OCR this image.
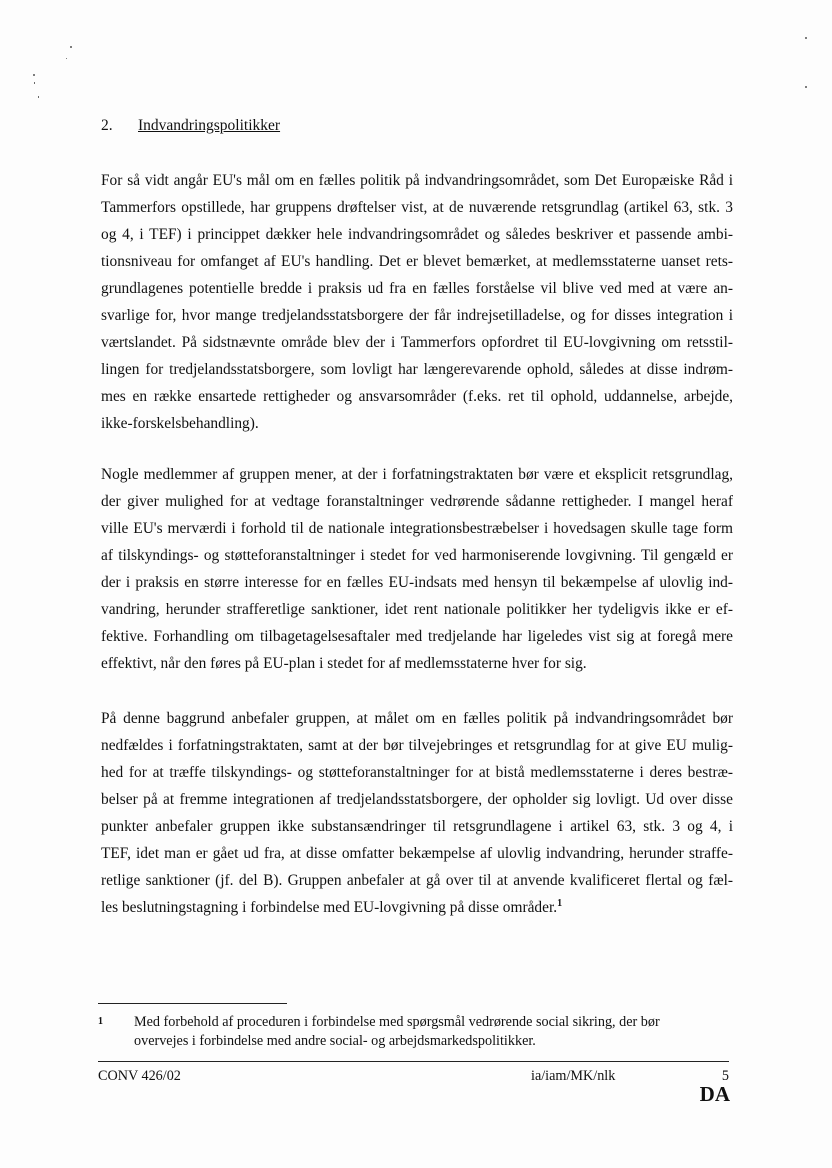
2. Indvandringspolitikker
For så vidt angår EU's mål om en fælles politik på indvandringsområdet, som Det Europæiske Råd i
Tammerfors opstillede, har gruppens drøftelser vist, at de nuværende retsgrundlag (artikel 63, stk. 3
og 4, i TEF) i princippet dækker hele indvandringsområdet og således beskriver et passende ambi-
tionsniveau for omfanget af EU's handling. Det er blevet bemærket, at medlemsstaterne uanset rets-
grundlagenes potentielle bredde i praksis ud fra en fælles forståelse vil blive ved med at være an-
svarlige for, hvor mange tredjelandsstatsborgere der får indrejsetilladelse, og for disses integration i
værtslandet. På sidstnævnte område blev der i Tammerfors opfordret til EU-lovgivning om retsstil-
lingen for tredjelandsstatsborgere, som lovligt har længerevarende ophold, således at disse indrøm-
mes en række ensartede rettigheder og ansvarsområder (f.eks. ret til ophold, uddannelse, arbejde,
ikke-forskelsbehandling).
Nogle medlemmer af gruppen mener, at der i forfatningstraktaten bør være et eksplicit retsgrundlag,
der giver mulighed for at vedtage foranstaltninger vedrørende sådanne rettigheder. I mangel heraf
ville EU's merværdi i forhold til de nationale integrationsbestræbelser i hovedsagen skulle tage form
af tilskyndings- og støtteforanstaltninger i stedet for ved harmoniserende lovgivning. Til gengæld er
der i praksis en større interesse for en fælles EU-indsats med hensyn til bekæmpelse af ulovlig ind-
vandring, herunder strafferetlige sanktioner, idet rent nationale politikker her tydeligvis ikke er ef-
fektive. Forhandling om tilbagetagelsesaftaler med tredjelande har ligeledes vist sig at foregå mere
effektivt, når den føres på EU-plan i stedet for af medlemsstaterne hver for sig.
På denne baggrund anbefaler gruppen, at målet om en fælles politik på indvandringsområdet bør
nedfældes i forfatningstraktaten, samt at der bør tilvejebringes et retsgrundlag for at give EU mulig-
hed for at træffe tilskyndings- og støtteforanstaltninger for at bistå medlemsstaterne i deres bestræ-
belser på at fremme integrationen af tredjelandsstatsborgere, der opholder sig lovligt. Ud over disse
punkter anbefaler gruppen ikke substansændringer til retsgrundlagene i artikel 63, stk. 3 og 4, i
TEF, idet man er gået ud fra, at disse omfatter bekæmpelse af ulovlig indvandring, herunder straffe-
retlige sanktioner (jf. del B). Gruppen anbefaler at gå over til at anvende kvalificeret flertal og fæl-
les beslutningstagning i forbindelse med EU-lovgivning på disse områder.$^1$
1 Med forbehold af proceduren i forbindelse med spørgsmål vedrørende social sikring, der bør
overvejes i forbindelse med andre social- og arbejdsmarkedspolitikker.
CONV 426/02	ia/iam/MK/nlk	5
DA
